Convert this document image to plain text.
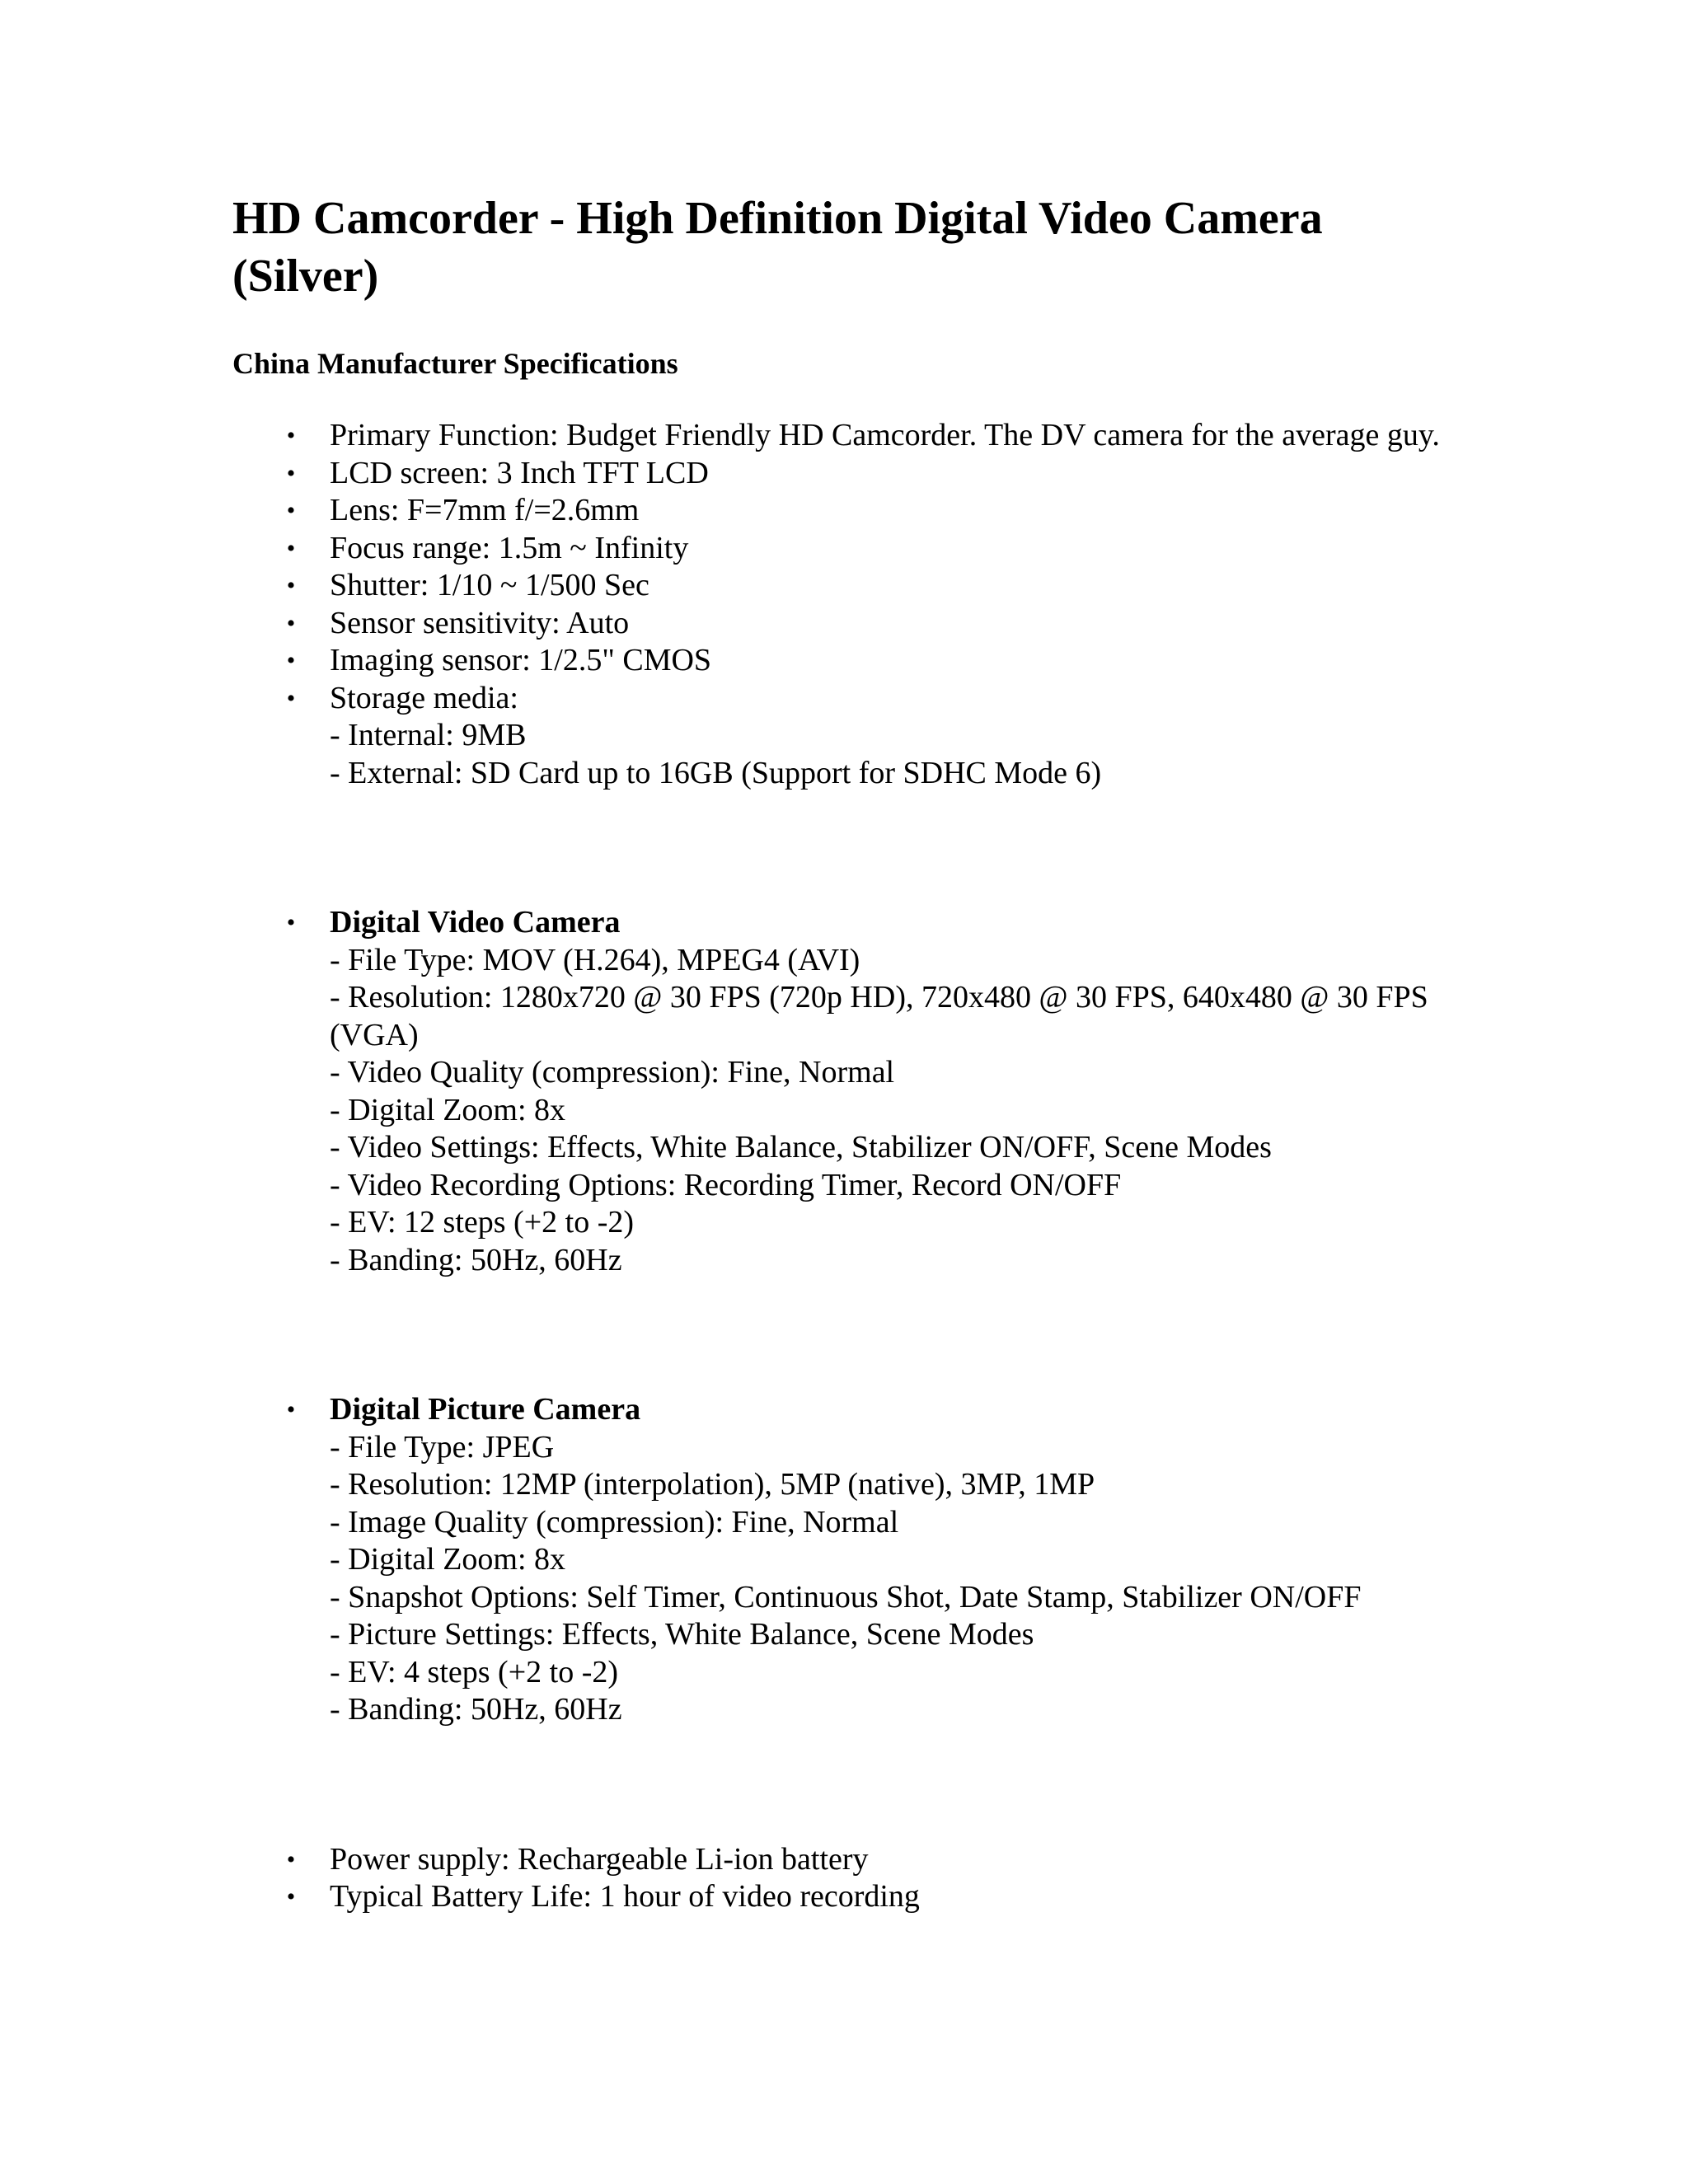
HD Camcorder - High Definition Digital Video Camera (Silver)
China Manufacturer Specifications
• Primary Function: Budget Friendly HD Camcorder. The DV camera for the average guy.
• LCD screen: 3 Inch TFT LCD
• Lens: F=7mm f/=2.6mm
• Focus range: 1.5m ~ Infinity
• Shutter: 1/10 ~ 1/500 Sec
• Sensor sensitivity: Auto
• Imaging sensor: 1/2.5" CMOS
• Storage media:
- Internal: 9MB
- External: SD Card up to 16GB (Support for SDHC Mode 6)
• Digital Video Camera
- File Type: MOV (H.264), MPEG4 (AVI)
- Resolution: 1280x720 @ 30 FPS (720p HD), 720x480 @ 30 FPS, 640x480 @ 30 FPS (VGA)
- Video Quality (compression): Fine, Normal
- Digital Zoom: 8x
- Video Settings: Effects, White Balance, Stabilizer ON/OFF, Scene Modes
- Video Recording Options: Recording Timer, Record ON/OFF
- EV: 12 steps (+2 to -2)
- Banding: 50Hz, 60Hz
• Digital Picture Camera
- File Type: JPEG
- Resolution: 12MP (interpolation), 5MP (native), 3MP, 1MP
- Image Quality (compression): Fine, Normal
- Digital Zoom: 8x
- Snapshot Options: Self Timer, Continuous Shot, Date Stamp, Stabilizer ON/OFF
- Picture Settings: Effects, White Balance, Scene Modes
- EV: 4 steps (+2 to -2)
- Banding: 50Hz, 60Hz
• Power supply: Rechargeable Li-ion battery
• Typical Battery Life: 1 hour of video recording
